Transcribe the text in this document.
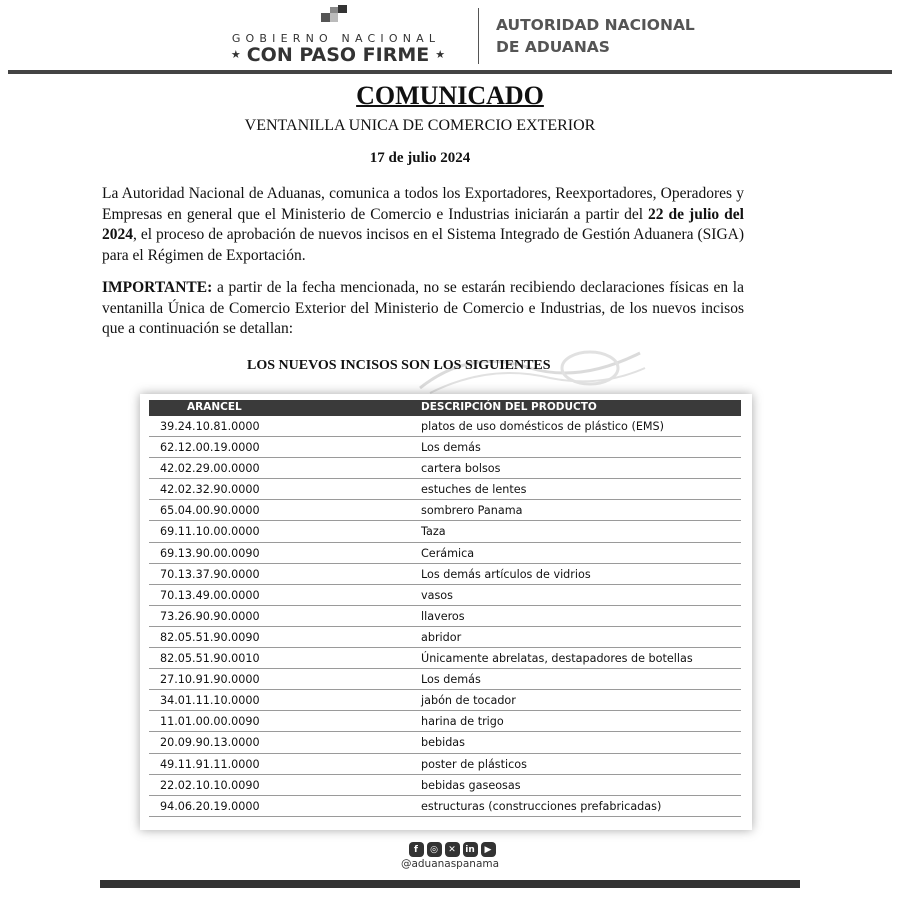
GOBIERNO NACIONAL
★ CON PASO FIRME ★
AUTORIDAD NACIONAL
DE ADUANAS
COMUNICADO
VENTANILLA UNICA DE COMERCIO EXTERIOR
17 de julio 2024
La Autoridad Nacional de Aduanas, comunica a todos los Exportadores, Reexportadores, Operadores y Empresas en general que el Ministerio de Comercio e Industrias iniciarán a partir del 22 de julio del 2024, el proceso de aprobación de nuevos incisos en el Sistema Integrado de Gestión Aduanera (SIGA) para el Régimen de Exportación.
IMPORTANTE: a partir de la fecha mencionada, no se estarán recibiendo declaraciones físicas en la ventanilla Única de Comercio Exterior del Ministerio de Comercio e Industrias, de los nuevos incisos que a continuación se detallan:
LOS NUEVOS INCISOS SON LOS SIGUIENTES
ARANCEL	DESCRIPCIÓN DEL PRODUCTO
39.24.10.81.0000	platos de uso domésticos de plástico (EMS)
62.12.00.19.0000	Los demás
42.02.29.00.0000	cartera bolsos
42.02.32.90.0000	estuches de lentes
65.04.00.90.0000	sombrero Panama
69.11.10.00.0000	Taza
69.13.90.00.0090	Cerámica
70.13.37.90.0000	Los demás artículos de vidrios
70.13.49.00.0000	vasos
73.26.90.90.0000	llaveros
82.05.51.90.0090	abridor
82.05.51.90.0010	Únicamente abrelatas, destapadores de botellas
27.10.91.90.0000	Los demás
34.01.11.10.0000	jabón de tocador
11.01.00.00.0090	harina de trigo
20.09.90.13.0000	bebidas
49.11.91.11.0000	poster de plásticos
22.02.10.10.0090	bebidas gaseosas
94.06.20.19.0000	estructuras (construcciones prefabricadas)
f	◎	✕	in	▶
@aduanaspanama
